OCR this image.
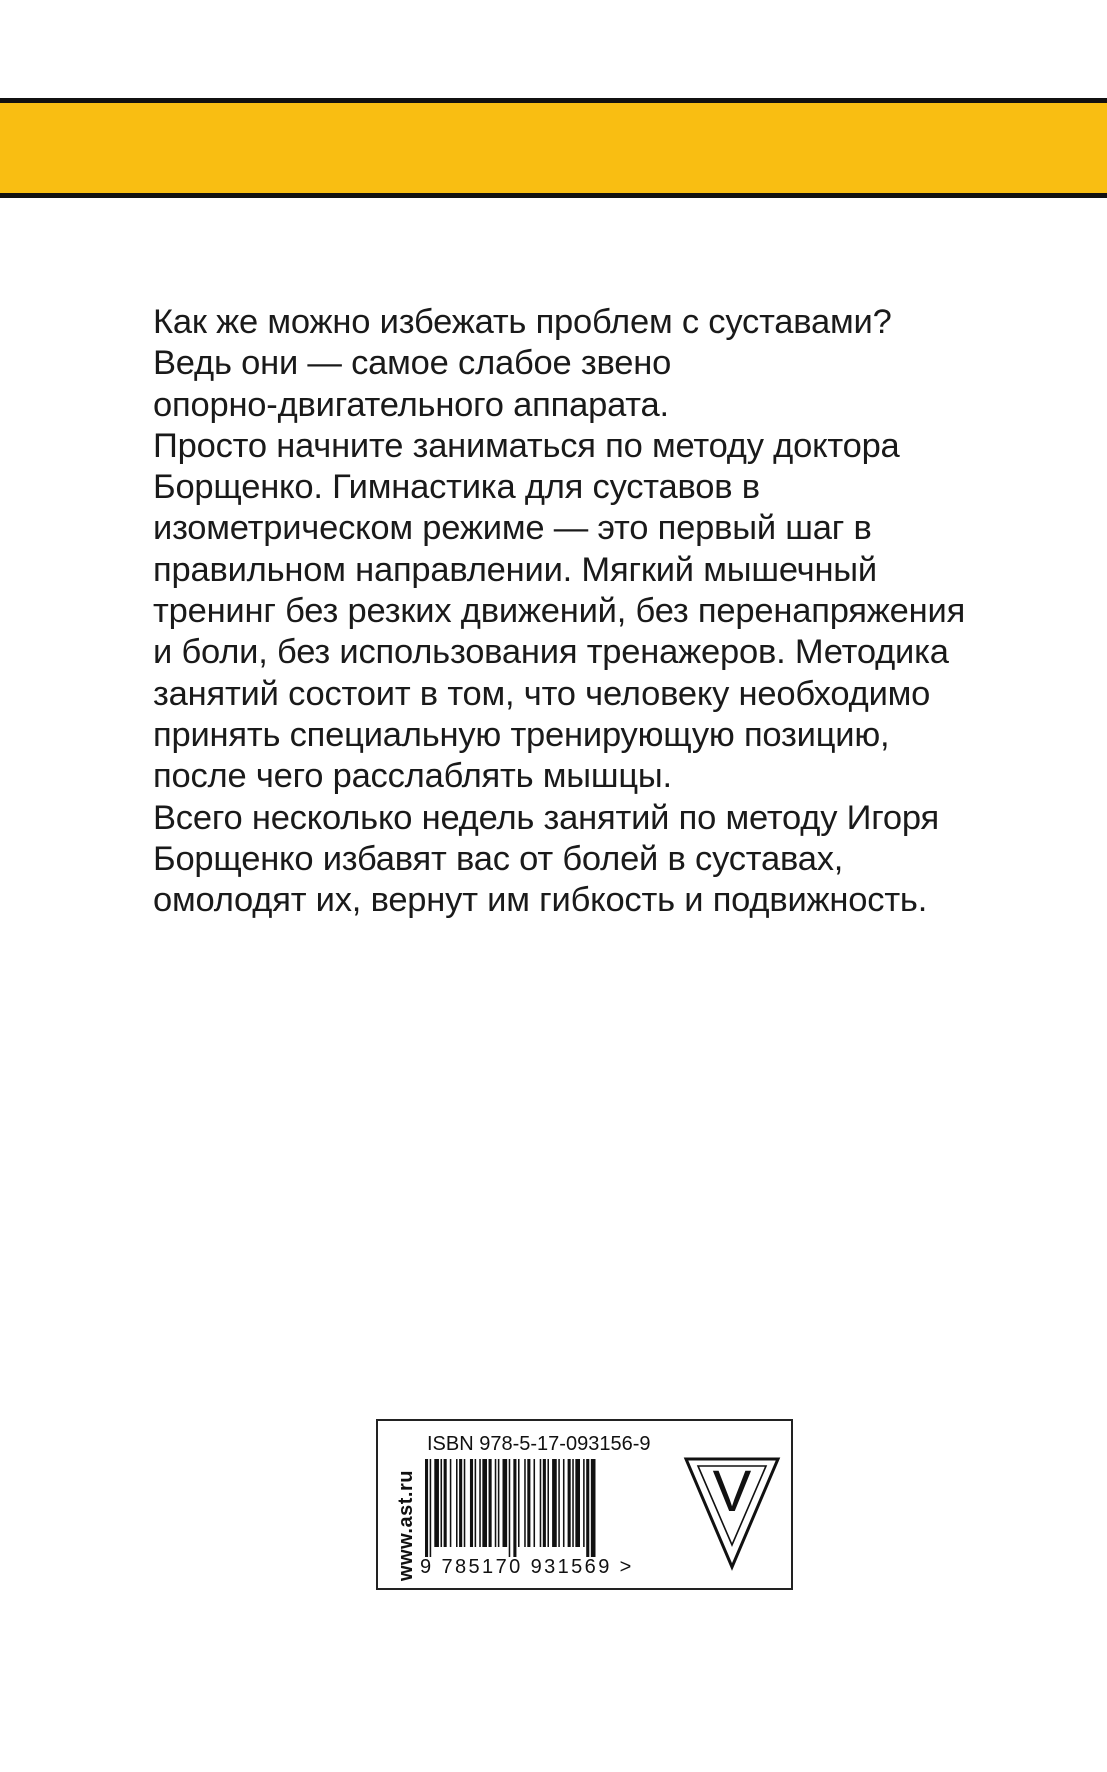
Как же можно избежать проблем с суставами?
Ведь они — самое слабое звено
опорно-двигательного аппарата.
Просто начните заниматься по методу доктора
Борщенко. Гимнастика для суставов в
изометрическом режиме — это первый шаг в
правильном направлении. Мягкий мышечный
тренинг без резких движений, без перенапряжения
и боли, без использования тренажеров. Методика
занятий состоит в том, что человеку необходимо
принять специальную тренирующую позицию,
после чего расслаблять мышцы.
Всего несколько недель занятий по методу Игоря
Борщенко избавят вас от болей в суставах,
омолодят их, вернут им гибкость и подвижность.
www.ast.ru
ISBN 978-5-17-093156-9
9 785170 931569 >
V
